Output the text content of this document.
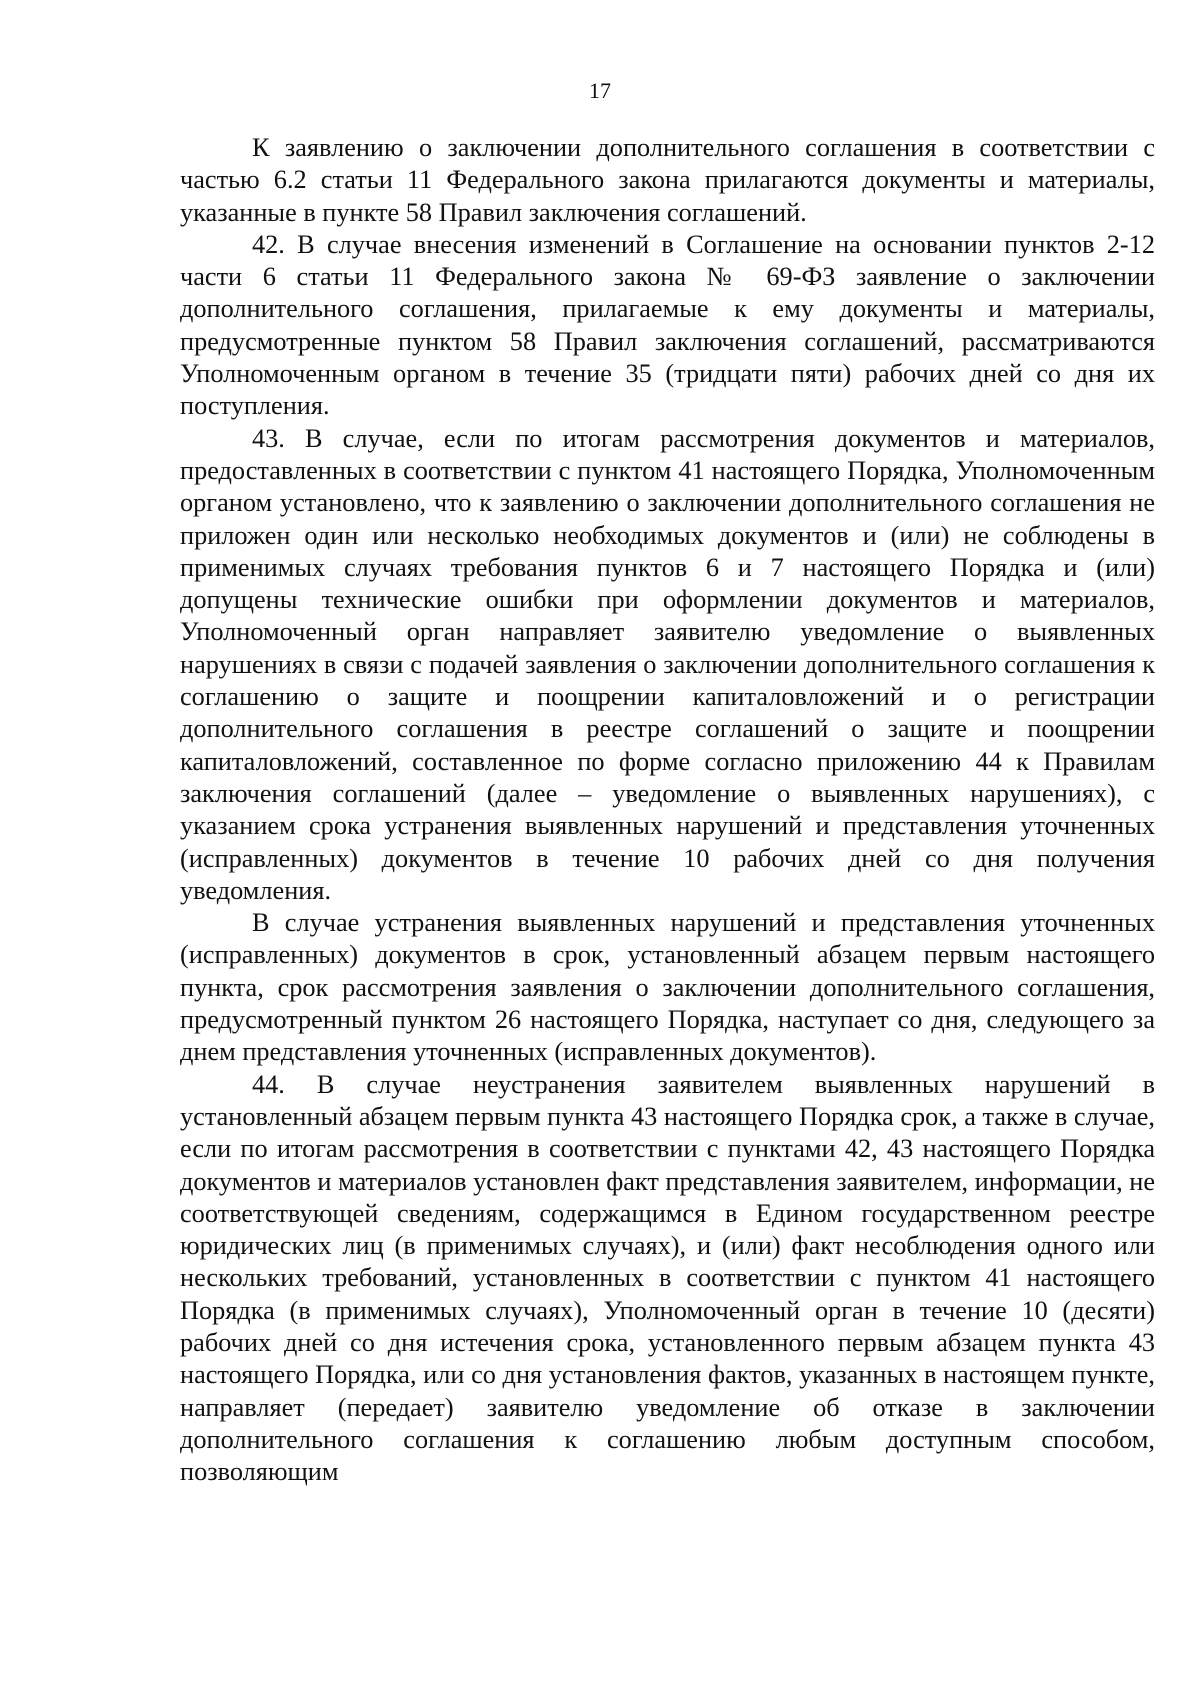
17

К заявлению о заключении дополнительного соглашения в соответствии с частью 6.2 статьи 11 Федерального закона прилагаются документы и материалы, указанные в пункте 58 Правил заключения соглашений.

42. В случае внесения изменений в Соглашение на основании пунктов 2-12 части 6 статьи 11 Федерального закона № 69-ФЗ заявление о заключении дополнительного соглашения, прилагаемые к ему документы и материалы, предусмотренные пунктом 58 Правил заключения соглашений, рассматриваются Уполномоченным органом в течение 35 (тридцати пяти) рабочих дней со дня их поступления.

43. В случае, если по итогам рассмотрения документов и материалов, предоставленных в соответствии с пунктом 41 настоящего Порядка, Уполномоченным органом установлено, что к заявлению о заключении дополнительного соглашения не приложен один или несколько необходимых документов и (или) не соблюдены в применимых случаях требования пунктов 6 и 7 настоящего Порядка и (или) допущены технические ошибки при оформлении документов и материалов, Уполномоченный орган направляет заявителю уведомление о выявленных нарушениях в связи с подачей заявления о заключении дополнительного соглашения к соглашению о защите и поощрении капиталовложений и о регистрации дополнительного соглашения в реестре соглашений о защите и поощрении капиталовложений, составленное по форме согласно приложению 44 к Правилам заключения соглашений (далее – уведомление о выявленных нарушениях), с указанием срока устранения выявленных нарушений и представления уточненных (исправленных) документов в течение 10 рабочих дней со дня получения уведомления.

В случае устранения выявленных нарушений и представления уточненных (исправленных) документов в срок, установленный абзацем первым настоящего пункта, срок рассмотрения заявления о заключении дополнительного соглашения, предусмотренный пунктом 26 настоящего Порядка, наступает со дня, следующего за днем представления уточненных (исправленных документов).

44. В случае неустранения заявителем выявленных нарушений в установленный абзацем первым пункта 43 настоящего Порядка срок, а также в случае, если по итогам рассмотрения в соответствии с пунктами 42, 43 настоящего Порядка документов и материалов установлен факт представления заявителем, информации, не соответствующей сведениям, содержащимся в Едином государственном реестре юридических лиц (в применимых случаях), и (или) факт несоблюдения одного или нескольких требований, установленных в соответствии с пунктом 41 настоящего Порядка (в применимых случаях), Уполномоченный орган в течение 10 (десяти) рабочих дней со дня истечения срока, установленного первым абзацем пункта 43 настоящего Порядка, или со дня установления фактов, указанных в настоящем пункте, направляет (передает) заявителю уведомление об отказе в заключении дополнительного соглашения к соглашению любым доступным способом, позволяющим
